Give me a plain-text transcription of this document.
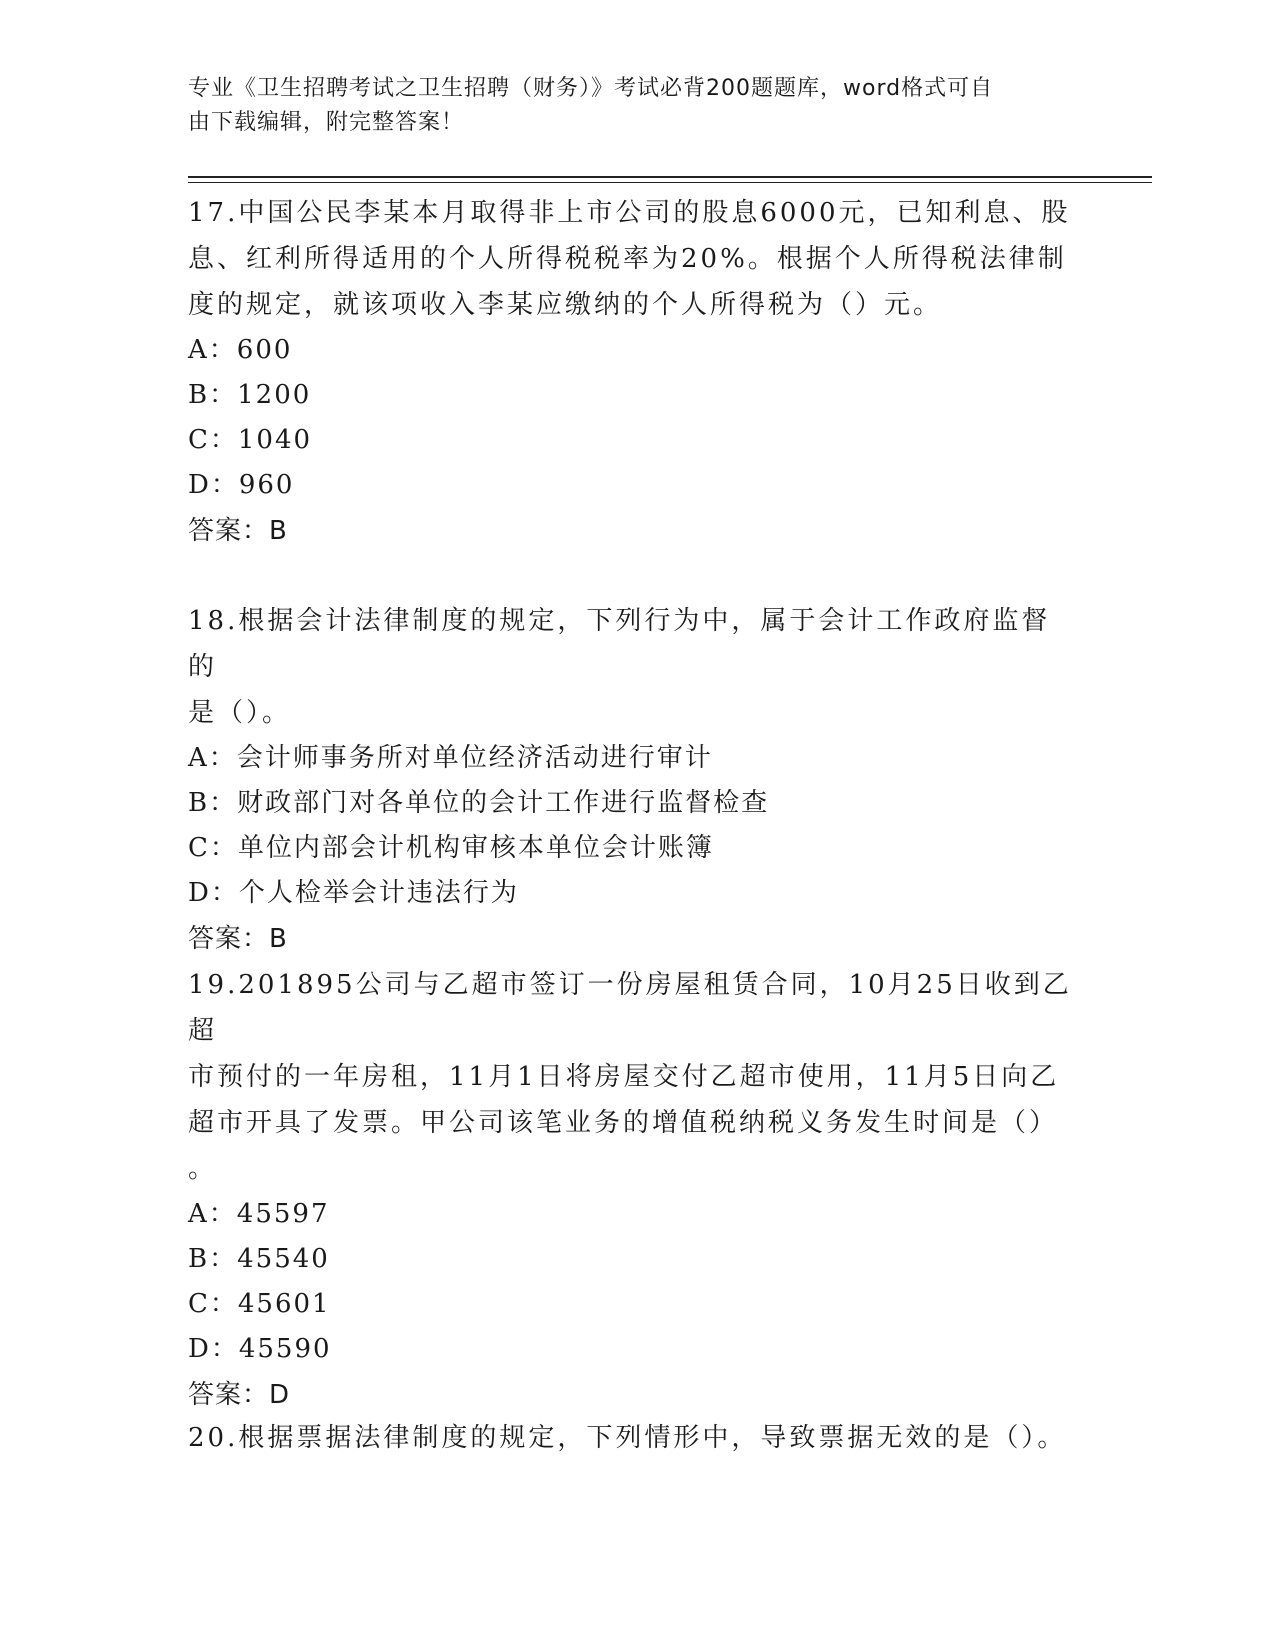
专业《卫生招聘考试之卫生招聘（财务）》考试必背200题题库，word格式可自
由下载编辑，附完整答案！

17.中国公民李某本月取得非上市公司的股息6000元，已知利息、股

息、红利所得适用的个人所得税税率为20%。根据个人所得税法律制

度的规定，就该项收入李某应缴纳的个人所得税为（）元。

A：600

B：1200

C：1040

D：960

答案：B

18.根据会计法律制度的规定，下列行为中，属于会计工作政府监督的

是（）。

A：会计师事务所对单位经济活动进行审计

B：财政部门对各单位的会计工作进行监督检查

C：单位内部会计机构审核本单位会计账簿

D：个人检举会计违法行为

答案：B

19.201895公司与乙超市签订一份房屋租赁合同，10月25日收到乙超

市预付的一年房租，11月1日将房屋交付乙超市使用，11月5日向乙

超市开具了发票。甲公司该笔业务的增值税纳税义务发生时间是（）

。

A：45597

B：45540

C：45601

D：45590

答案：D

20.根据票据法律制度的规定，下列情形中，导致票据无效的是（）。
